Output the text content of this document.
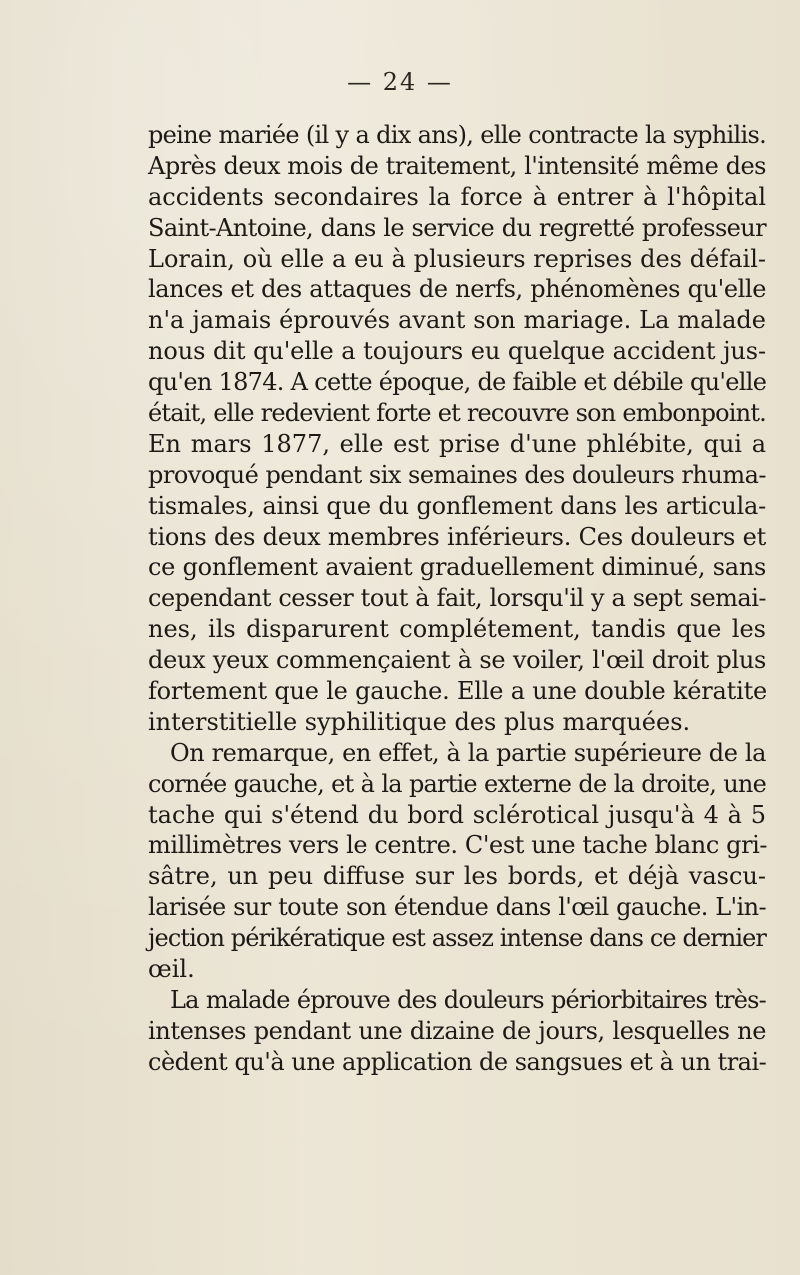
— 24 —
peine mariée (il y a dix ans), elle contracte la syphilis.
Après deux mois de traitement, l'intensité même des
accidents secondaires la force à entrer à l'hôpital
Saint-Antoine, dans le service du regretté professeur
Lorain, où elle a eu à plusieurs reprises des défail-
lances et des attaques de nerfs, phénomènes qu'elle
n'a jamais éprouvés avant son mariage. La malade
nous dit qu'elle a toujours eu quelque accident jus-
qu'en 1874. A cette époque, de faible et débile qu'elle
était, elle redevient forte et recouvre son embonpoint.
En mars 1877, elle est prise d'une phlébite, qui a
provoqué pendant six semaines des douleurs rhuma-
tismales, ainsi que du gonflement dans les articula-
tions des deux membres inférieurs. Ces douleurs et
ce gonflement avaient graduellement diminué, sans
cependant cesser tout à fait, lorsqu'il y a sept semai-
nes, ils disparurent complétement, tandis que les
deux yeux commençaient à se voiler, l'œil droit plus
fortement que le gauche. Elle a une double kératite
interstitielle syphilitique des plus marquées.
On remarque, en effet, à la partie supérieure de la
cornée gauche, et à la partie externe de la droite, une
tache qui s'étend du bord sclérotical jusqu'à 4 à 5
millimètres vers le centre. C'est une tache blanc gri-
sâtre, un peu diffuse sur les bords, et déjà vascu-
larisée sur toute son étendue dans l'œil gauche. L'in-
jection périkératique est assez intense dans ce dernier
œil.
La malade éprouve des douleurs périorbitaires très-
intenses pendant une dizaine de jours, lesquelles ne
cèdent qu'à une application de sangsues et à un trai-
